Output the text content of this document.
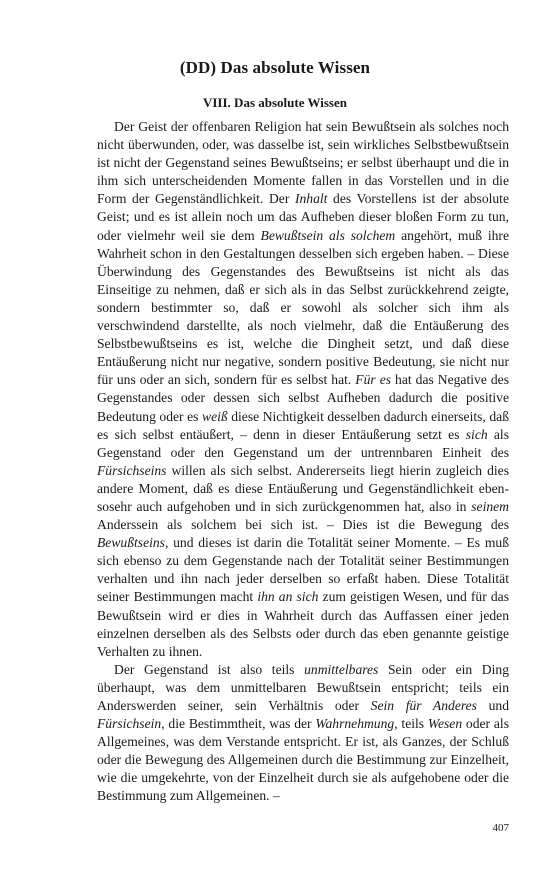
(DD) Das absolute Wissen
VIII. Das absolute Wissen

Der Geist der offenbaren Religion hat sein Bewußtsein als solches noch nicht überwunden, oder, was dasselbe ist, sein wirkliches Selbstbewußtsein ist nicht der Gegenstand seines Bewußtseins; er selbst überhaupt und die in ihm sich unterscheidenden Momente fallen in das Vorstellen und in die Form der Gegenständlichkeit. Der Inhalt des Vorstellens ist der absolute Geist; und es ist allein noch um das Aufheben dieser bloßen Form zu tun, oder vielmehr weil sie dem Bewußtsein als solchem angehört, muß ihre Wahrheit schon in den Gestaltungen desselben sich ergeben haben. – Diese Überwindung des Gegenstandes des Bewußtseins ist nicht als das Einseitige zu nehmen, daß er sich als in das Selbst zurückkehrend zeigte, sondern bestimmter so, daß er sowohl als solcher sich ihm als verschwindend darstellte, als noch vielmehr, daß die Entäußerung des Selbstbewußtseins es ist, welche die Dingheit setzt, und daß diese Entäußerung nicht nur negative, sondern positive Bedeutung, sie nicht nur für uns oder an sich, sondern für es selbst hat. Für es hat das Negative des Gegenstandes oder dessen sich selbst Aufheben dadurch die positive Bedeutung oder es weiß diese Nichtigkeit desselben dadurch einerseits, daß es sich selbst entäußert, – denn in dieser Entäußerung setzt es sich als Gegenstand oder den Gegenstand um der untrennbaren Einheit des Fürsichseins willen als sich selbst. Andererseits liegt hierin zugleich dies andere Moment, daß es diese Entäußerung und Gegenständlichkeit ebensosehr auch aufgehoben und in sich zurückgenommen hat, also in seinem Anderssein als solchem bei sich ist. – Dies ist die Bewegung des Bewußtseins, und dieses ist darin die Totalität seiner Momente. – Es muß sich ebenso zu dem Gegenstande nach der Totalität seiner Bestimmungen verhalten und ihn nach jeder derselben so erfaßt haben. Diese Totalität seiner Bestimmungen macht ihn an sich zum geistigen Wesen, und für das Bewußtsein wird er dies in Wahrheit durch das Auffassen einer jeden einzelnen derselben als des Selbsts oder durch das eben genannte geistige Verhalten zu ihnen.

Der Gegenstand ist also teils unmittelbares Sein oder ein Ding überhaupt, was dem unmittelbaren Bewußtsein entspricht; teils ein Anderswerden seiner, sein Verhältnis oder Sein für Anderes und Fürsichsein, die Bestimmtheit, was der Wahrnehmung, teils Wesen oder als Allgemeines, was dem Verstande entspricht. Er ist, als Ganzes, der Schluß oder die Bewegung des Allgemeinen durch die Bestimmung zur Einzelheit, wie die umgekehrte, von der Einzelheit durch sie als aufgehobene oder die Bestimmung zum Allgemeinen. –

407
